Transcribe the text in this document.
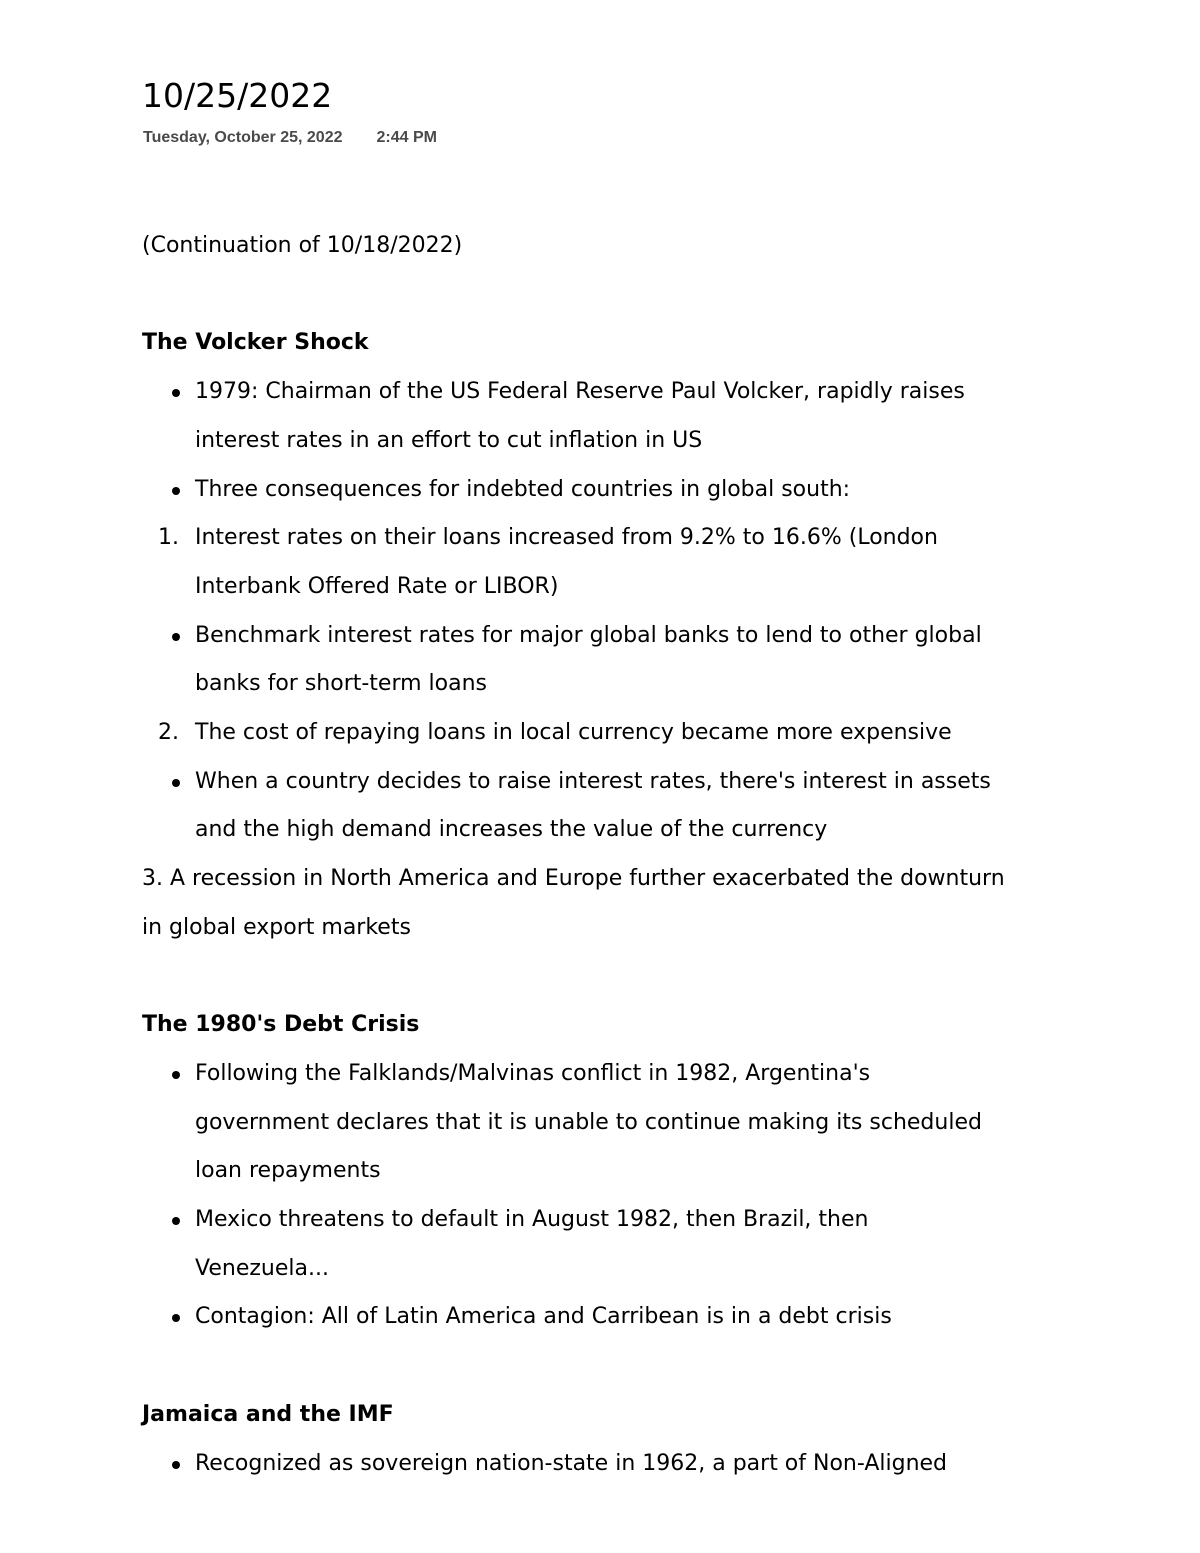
10/25/2022
Tuesday, October 25, 2022 2:44 PM

(Continuation of 10/18/2022)

The Volcker Shock

1979: Chairman of the US Federal Reserve Paul Volcker, rapidly raises
interest rates in an effort to cut inflation in US
Three consequences for indebted countries in global south:
1. Interest rates on their loans increased from 9.2% to 16.6% (London
Interbank Offered Rate or LIBOR)
Benchmark interest rates for major global banks to lend to other global
banks for short-term loans
2. The cost of repaying loans in local currency became more expensive
When a country decides to raise interest rates, there's interest in assets
and the high demand increases the value of the currency

3. A recession in North America and Europe further exacerbated the downturn

in global export markets

The 1980's Debt Crisis

Following the Falklands/Malvinas conflict in 1982, Argentina's
government declares that it is unable to continue making its scheduled
loan repayments
Mexico threatens to default in August 1982, then Brazil, then
Venezuela...
Contagion: All of Latin America and Carribean is in a debt crisis

Jamaica and the IMF

Recognized as sovereign nation-state in 1962, a part of Non-Aligned
